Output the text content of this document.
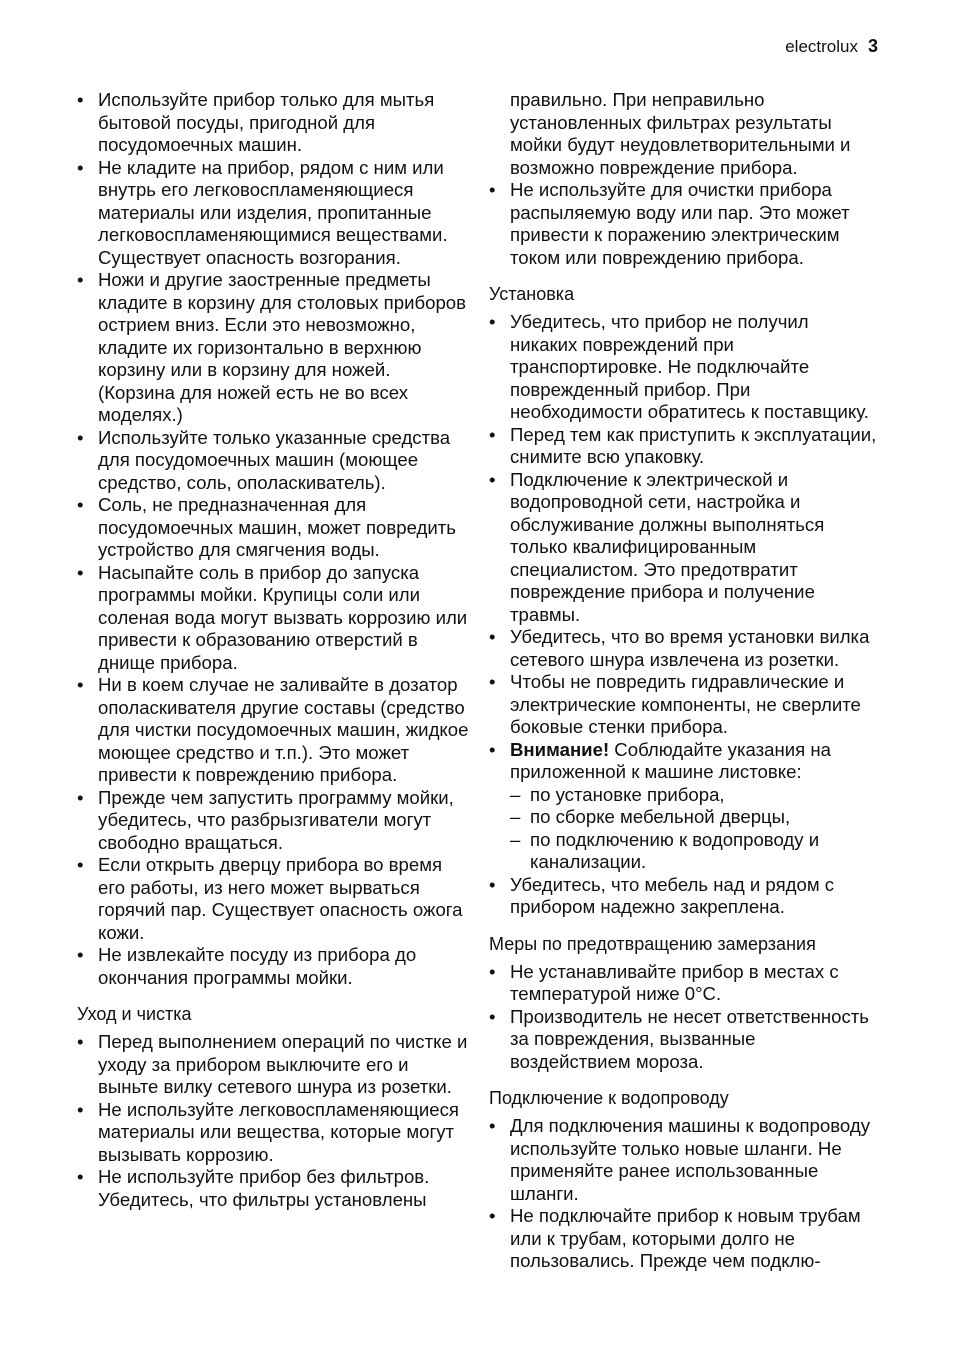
electrolux 3
• Используйте прибор только для мытья бытовой посуды, пригодной для посудомоечных машин.
• Не кладите на прибор, рядом с ним или внутрь его легковоспламеняющиеся материалы или изделия, пропитанные легковоспламеняющимися веществами. Существует опасность возгорания.
• Ножи и другие заостренные предметы кладите в корзину для столовых приборов острием вниз. Если это невозможно, кладите их горизонтально в верхнюю корзину или в корзину для ножей. (Корзина для ножей есть не во всех моделях.)
• Используйте только указанные средства для посудомоечных машин (моющее средство, соль, ополаскиватель).
• Соль, не предназначенная для посудомоечных машин, может повредить устройство для смягчения воды.
• Насыпайте соль в прибор до запуска программы мойки. Крупицы соли или соленая вода могут вызвать коррозию или привести к образованию отверстий в днище прибора.
• Ни в коем случае не заливайте в дозатор ополаскивателя другие составы (средство для чистки посудомоечных машин, жидкое моющее средство и т.п.). Это может привести к повреждению прибора.
• Прежде чем запустить программу мойки, убедитесь, что разбрызгиватели могут свободно вращаться.
• Если открыть дверцу прибора во время его работы, из него может вырваться горячий пар. Существует опасность ожога кожи.
• Не извлекайте посуду из прибора до окончания программы мойки.
Уход и чистка
• Перед выполнением операций по чистке и уходу за прибором выключите его и выньте вилку сетевого шнура из розетки.
• Не используйте легковоспламеняющиеся материалы или вещества, которые могут вызывать коррозию.
• Не используйте прибор без фильтров. Убедитесь, что фильтры установлены
правильно. При неправильно установленных фильтрах результаты мойки будут неудовлетворительными и возможно повреждение прибора.
• Не используйте для очистки прибора распыляемую воду или пар. Это может привести к поражению электрическим током или повреждению прибора.
Установка
• Убедитесь, что прибор не получил никаких повреждений при транспортировке. Не подключайте поврежденный прибор. При необходимости обратитесь к поставщику.
• Перед тем как приступить к эксплуатации, снимите всю упаковку.
• Подключение к электрической и водопроводной сети, настройка и обслуживание должны выполняться только квалифицированным специалистом. Это предотвратит повреждение прибора и получение травмы.
• Убедитесь, что во время установки вилка сетевого шнура извлечена из розетки.
• Чтобы не повредить гидравлические и электрические компоненты, не сверлите боковые стенки прибора.
• Внимание! Соблюдайте указания на приложенной к машине листовке:
– по установке прибора,
– по сборке мебельной дверцы,
– по подключению к водопроводу и канализации.
• Убедитесь, что мебель над и рядом с прибором надежно закреплена.
Меры по предотвращению замерзания
• Не устанавливайте прибор в местах с температурой ниже 0°C.
• Производитель не несет ответственность за повреждения, вызванные воздействием мороза.
Подключение к водопроводу
• Для подключения машины к водопроводу используйте только новые шланги. Не применяйте ранее использованные шланги.
• Не подключайте прибор к новым трубам или к трубам, которыми долго не пользовались. Прежде чем подклю-
